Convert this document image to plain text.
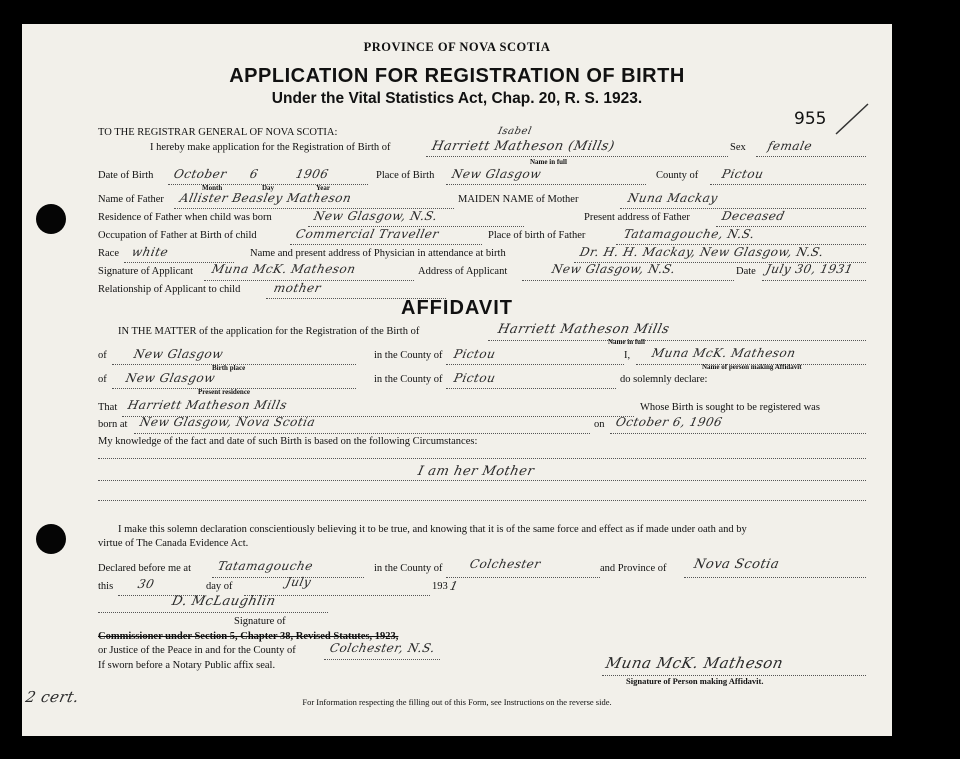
PROVINCE OF NOVA SCOTIA
APPLICATION FOR REGISTRATION OF BIRTH
Under the Vital Statistics Act, Chap. 20, R. S. 1923.
955
TO THE REGISTRAR GENERAL OF NOVA SCOTIA:
I hereby make application for the Registration of Birth of	Harriett Matheson (Mills)
Isabel
Name in full
Sex female
Date of Birth October 6	1906
Month	Day	Year
Place of Birth New Glasgow	County of Pictou
Name of Father Allister Beasley Matheson	MAIDEN NAME of Mother	Nuna Mackay
Residence of Father when child was born	New Glasgow, N.S.	Present address of Father	Deceased
Occupation of Father at Birth of child	Commercial Traveller	Place of birth of Father	Tatamagouche, N.S.
Race white	Name and present address of Physician in attendance at birth	Dr. H. H. Mackay, New Glasgow, N.S.
Signature of Applicant Muna McK. Matheson	Address of Applicant	New Glasgow, N.S.	Date July 30, 1931
Relationship of Applicant to child	mother
AFFIDAVIT
IN THE MATTER of the application for the Registration of the Birth of	Harriett Matheson Mills
Name in full
of New Glasgow
Birth place
in the County of Pictou	I, Muna McK. Matheson
Name of person making Affidavit
of New Glasgow
Present residence
in the County of Pictou	do solemnly declare:
That Harriett Matheson Mills	Whose Birth is sought to be registered was
born at New Glasgow, Nova Scotia	on October 6, 1906
My knowledge of the fact and date of such Birth is based on the following Circumstances:
I am her Mother
I make this solemn declaration conscientiously believing it to be true, and knowing that it is of the same force and effect as if made under oath and by
virtue of The Canada Evidence Act.
Declared before me at Tatamagouche	in the County of Colchester	and Province of Nova Scotia
this 30	day of	July	193 1
D. McLaughlin
Signature of
Commissioner under Section 5, Chapter 38, Revised Statutes, 1923,
or Justice of the Peace in and for the County of	Colchester, N.S.
If sworn before a Notary Public affix seal.	Muna McK. Matheson
Signature of Person making Affidavit.
For Information respecting the filling out of this Form, see Instructions on the reverse side.
2 cert.
